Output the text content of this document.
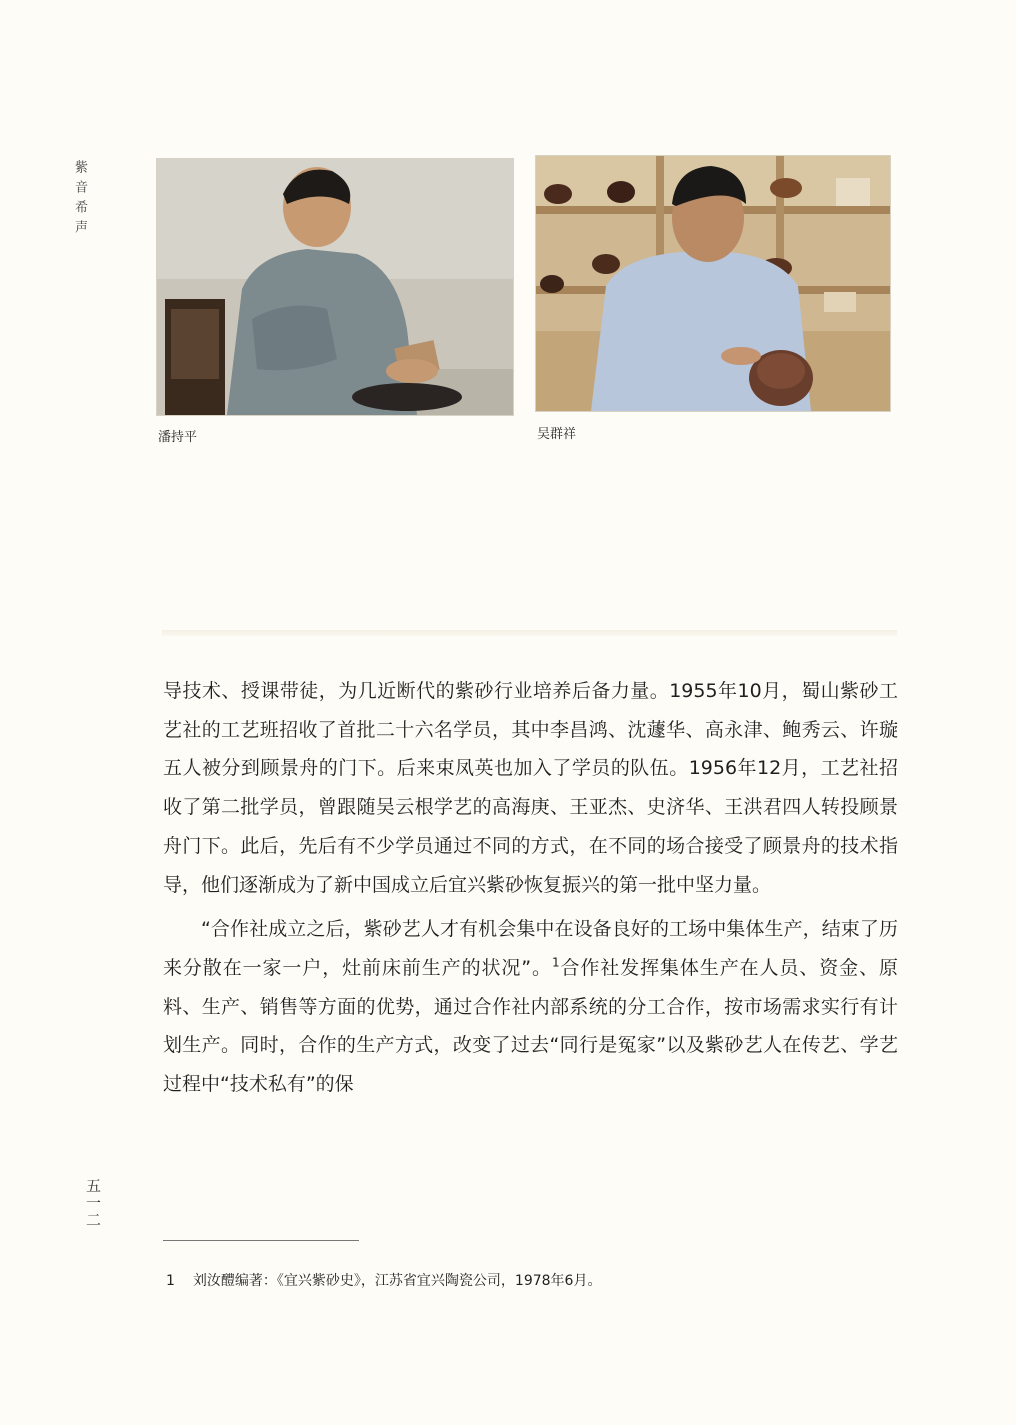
紫音希声
潘持平	吴群祥

导技术、授课带徒，为几近断代的紫砂行业培养后备力量。1955年10月，蜀山紫砂工艺社的工艺班招收了首批二十六名学员，其中李昌鸿、沈蘧华、高永津、鲍秀云、许璇五人被分到顾景舟的门下。后来束凤英也加入了学员的队伍。1956年12月，工艺社招收了第二批学员，曾跟随吴云根学艺的高海庚、王亚杰、史济华、王洪君四人转投顾景舟门下。此后，先后有不少学员通过不同的方式，在不同的场合接受了顾景舟的技术指导，他们逐渐成为了新中国成立后宜兴紫砂恢复振兴的第一批中坚力量。

“合作社成立之后，紫砂艺人才有机会集中在设备良好的工场中集体生产，结束了历来分散在一家一户，灶前床前生产的状况”。$^1$合作社发挥集体生产在人员、资金、原料、生产、销售等方面的优势，通过合作社内部系统的分工合作，按市场需求实行有计划生产。同时，合作的生产方式，改变了过去“同行是冤家”以及紫砂艺人在传艺、学艺过程中“技术私有”的保

五一二
1 刘汝醴编著：《宜兴紫砂史》，江苏省宜兴陶瓷公司，1978年6月。
